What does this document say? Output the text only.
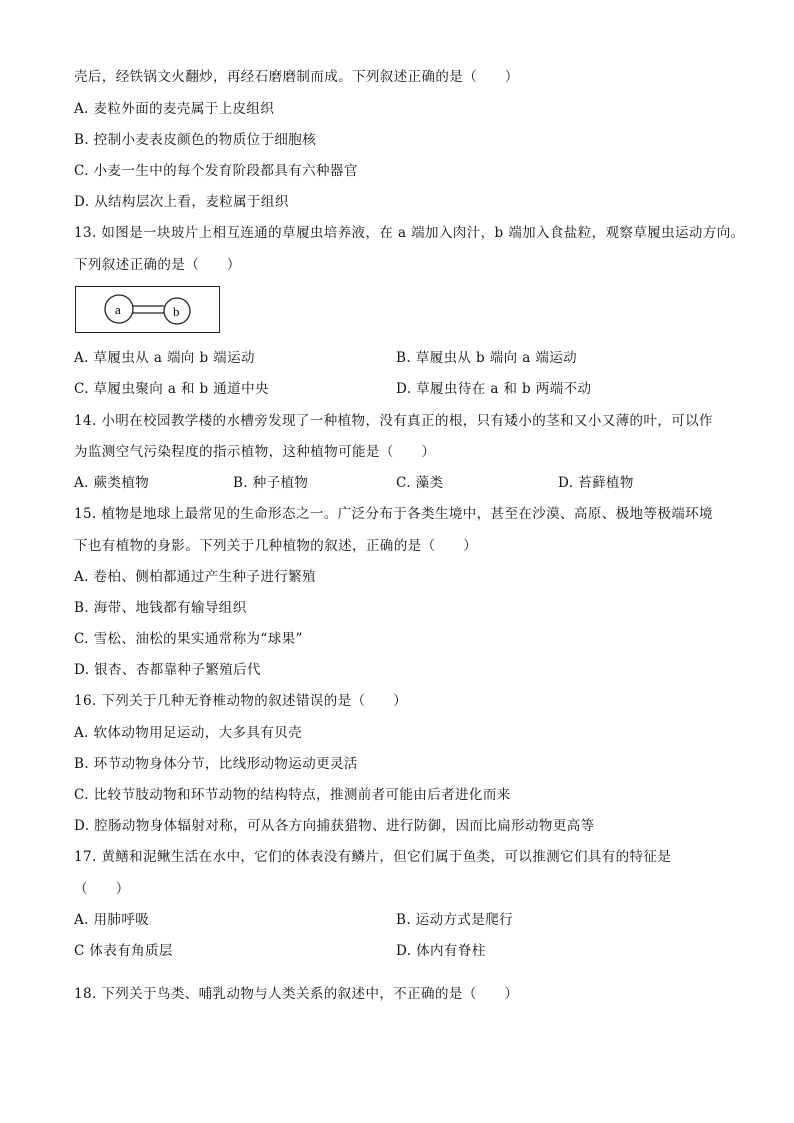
壳后，经铁锅文火翻炒，再经石磨磨制而成。下列叙述正确的是（　　）
A. 麦粒外面的麦壳属于上皮组织
B. 控制小麦表皮颜色的物质位于细胞核
C. 小麦一生中的每个发育阶段都具有六种器官
D. 从结构层次上看，麦粒属于组织
13. 如图是一块玻片上相互连通的草履虫培养液，在 a 端加入肉汁，b 端加入食盐粒，观察草履虫运动方向。
下列叙述正确的是（　　）
a	b
A. 草履虫从 a 端向 b 端运动	B. 草履虫从 b 端向 a 端运动
C. 草履虫聚向 a 和 b 通道中央	D. 草履虫待在 a 和 b 两端不动
14. 小明在校园教学楼的水槽旁发现了一种植物，没有真正的根，只有矮小的茎和又小又薄的叶，可以作
为监测空气污染程度的指示植物，这种植物可能是（　　）
A. 蕨类植物	B. 种子植物	C. 藻类	D. 苔藓植物
15. 植物是地球上最常见的生命形态之一。广泛分布于各类生境中，甚至在沙漠、高原、极地等极端环境
下也有植物的身影。下列关于几种植物的叙述，正确的是（　　）
A. 卷柏、侧柏都通过产生种子进行繁殖
B. 海带、地钱都有输导组织
C. 雪松、油松的果实通常称为“球果”
D. 银杏、杏都靠种子繁殖后代
16. 下列关于几种无脊椎动物的叙述错误的是（　　）
A. 软体动物用足运动，大多具有贝壳
B. 环节动物身体分节，比线形动物运动更灵活
C. 比较节肢动物和环节动物的结构特点，推测前者可能由后者进化而来
D. 腔肠动物身体辐射对称，可从各方向捕获猎物、进行防御，因而比扁形动物更高等
17. 黄鳝和泥鳅生活在水中，它们的体表没有鳞片，但它们属于鱼类，可以推测它们具有的特征是
（　　）
A. 用肺呼吸	B. 运动方式是爬行
C 体表有角质层	D. 体内有脊柱
18. 下列关于鸟类、哺乳动物与人类关系的叙述中，不正确的是（　　）
